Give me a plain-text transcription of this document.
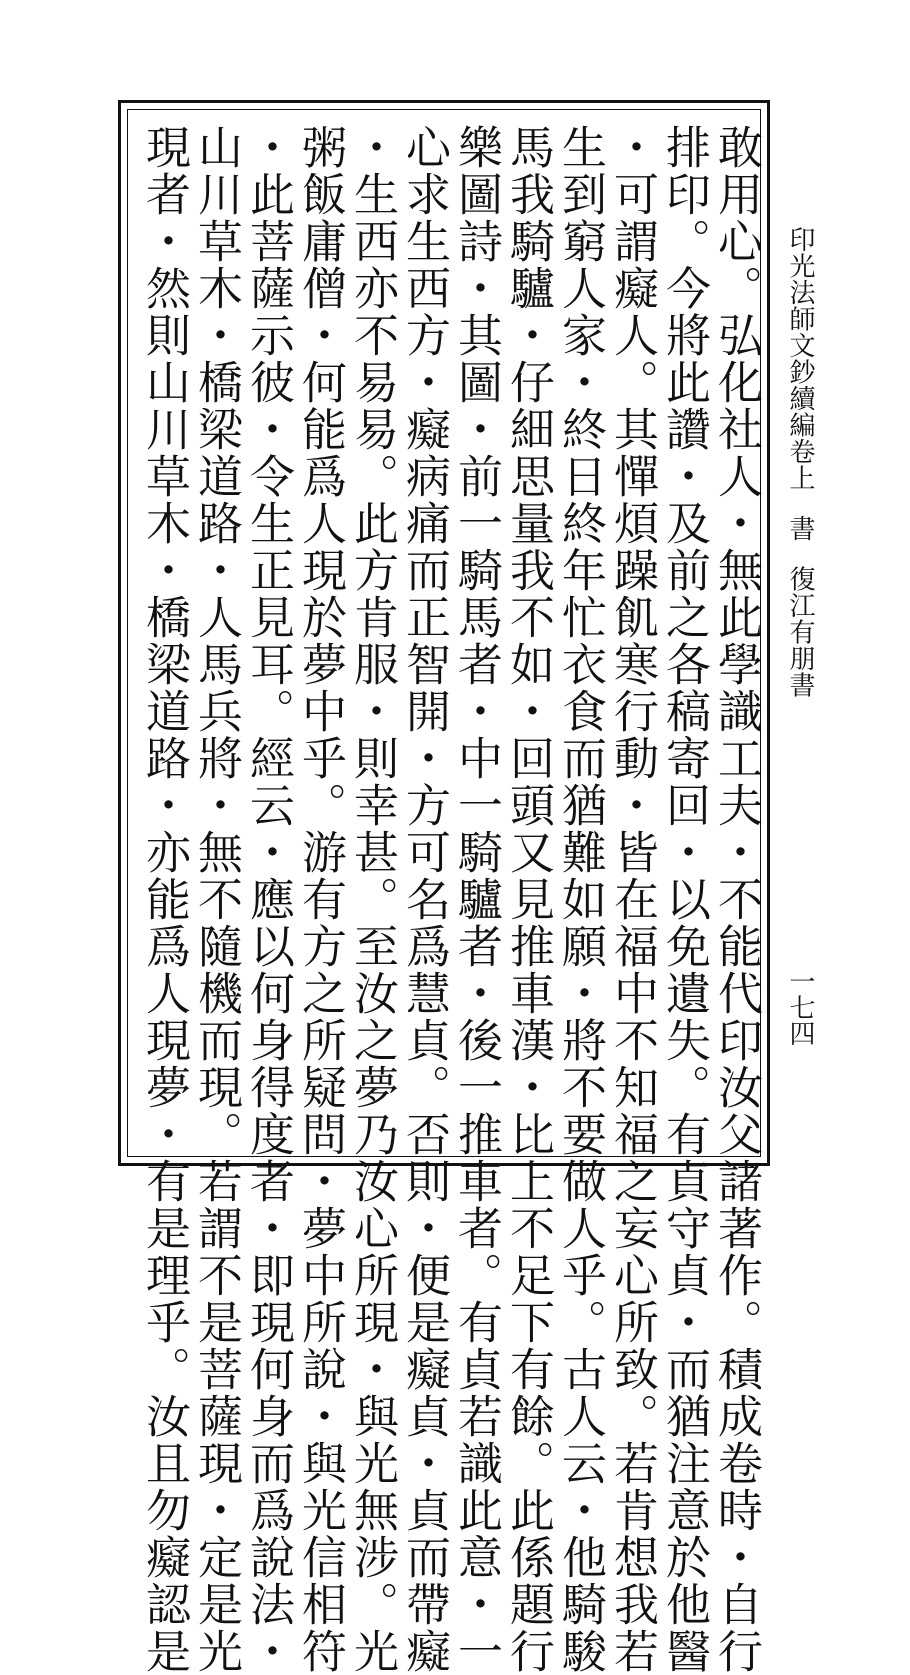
印光法師文鈔續編卷上書復江有朋書
一七四
敢用心。弘化社人・無此學識工夫・不能代印汝父諸著作。積成卷時・自行
排印。今將此讚・及前之各稿寄回・以免遺失。有貞守貞・而猶注意於他醫
・可謂癡人。其憚煩躁飢寒行動・皆在福中不知福之妄心所致。若肯想我若
生到窮人家・終日終年忙衣食而猶難如願・將不要做人乎。古人云・他騎駿
馬我騎驢・仔細思量我不如・回頭又見推車漢・比上不足下有餘。此係題行
樂圖詩・其圖・前一騎馬者・中一騎驢者・後一推車者。有貞若識此意・一
心求生西方・癡病痛而正智開・方可名爲慧貞。否則・便是癡貞・貞而帶癡
・生西亦不易易。此方肯服・則幸甚。至汝之夢乃汝心所現・與光無涉。光
粥飯庸僧・何能爲人現於夢中乎。游有方之所疑問・夢中所說・與光信相符
・此菩薩示彼・令生正見耳。經云・應以何身得度者・即現何身而爲說法・
山川草木・橋梁道路・人馬兵將・無不隨機而現。若謂不是菩薩現・定是光
現者・然則山川草木・橋梁道路・亦能爲人現夢・有是理乎。汝且勿癡認是
